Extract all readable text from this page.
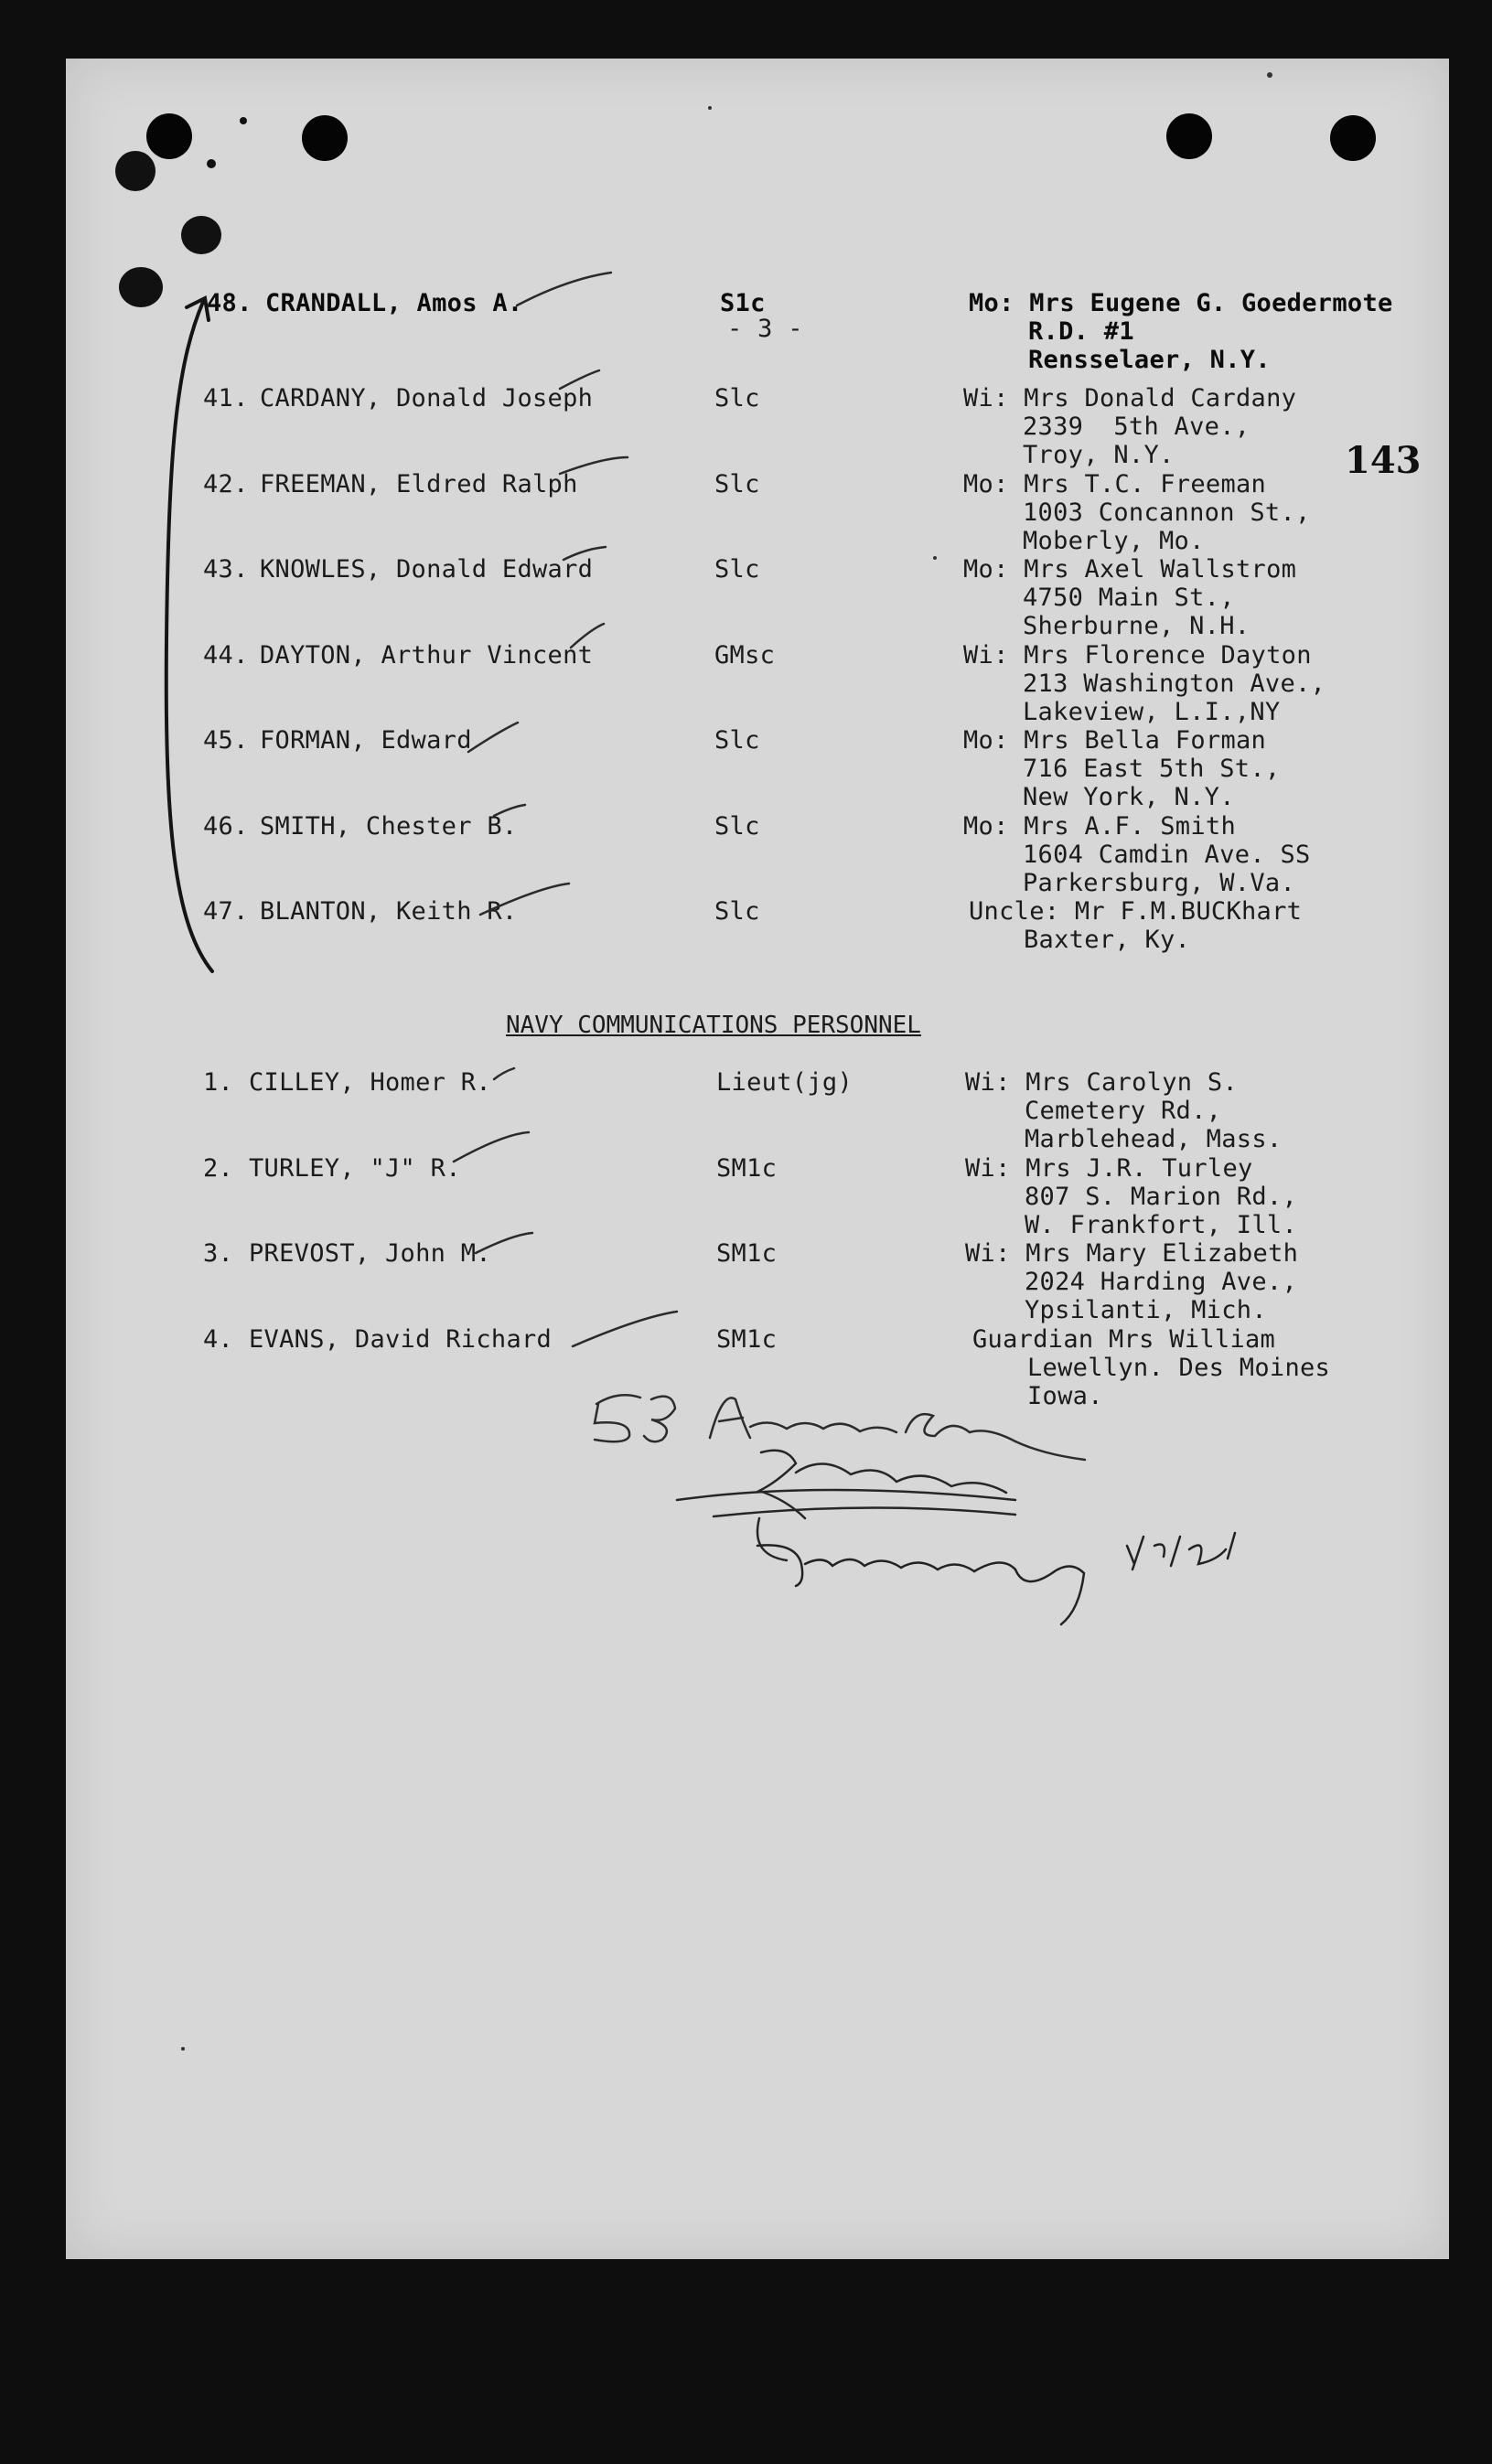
- 3 -
143
48. CRANDALL, Amos A.	S1c	Mo: Mrs Eugene G. Goedermote
R.D. #1
Rensselaer, N.Y.
41. CARDANY, Donald Joseph	Slc	Wi: Mrs Donald Cardany
2339  5th Ave.,
Troy, N.Y.
42. FREEMAN, Eldred Ralph	Slc	Mo: Mrs T.C. Freeman
1003 Concannon St.,
Moberly, Mo.
43. KNOWLES, Donald Edward	Slc	Mo: Mrs Axel Wallstrom
4750 Main St.,
Sherburne, N.H.
44. DAYTON, Arthur Vincent	GMsc	Wi: Mrs Florence Dayton
213 Washington Ave.,
Lakeview, L.I.,NY
45. FORMAN, Edward	Slc	Mo: Mrs Bella Forman
716 East 5th St.,
New York, N.Y.
46. SMITH, Chester B.	Slc	Mo: Mrs A.F. Smith
1604 Camdin Ave. SS
Parkersburg, W.Va.
47. BLANTON, Keith R.	Slc	Uncle: Mr F.M.BUCKhart
Baxter, Ky.
NAVY COMMUNICATIONS PERSONNEL
1. CILLEY, Homer R.	Lieut(jg)	Wi: Mrs Carolyn S.
Cemetery Rd.,
Marblehead, Mass.
2. TURLEY, "J" R.	SM1c	Wi: Mrs J.R. Turley
807 S. Marion Rd.,
W. Frankfort, Ill.
3. PREVOST, John M.	SM1c	Wi: Mrs Mary Elizabeth
2024 Harding Ave.,
Ypsilanti, Mich.
4. EVANS, David Richard	SM1c	Guardian Mrs William
Lewellyn. Des Moines
Iowa.
